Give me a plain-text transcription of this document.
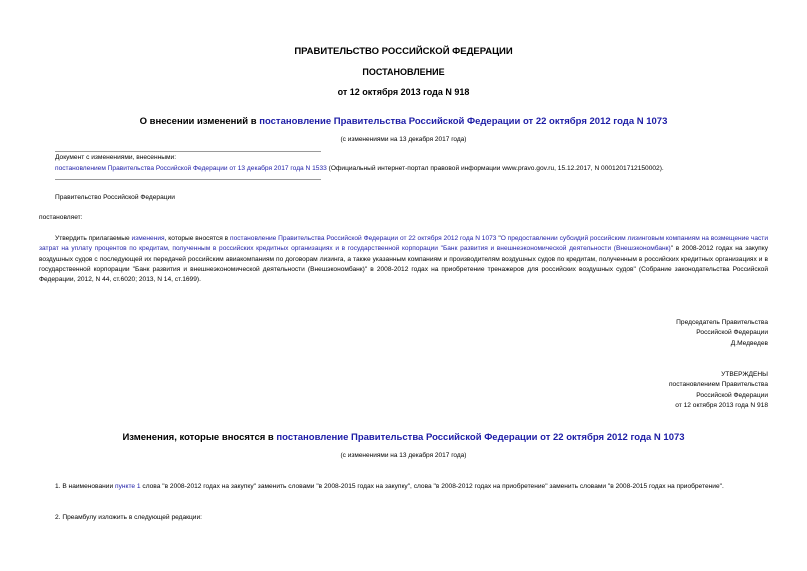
ПРАВИТЕЛЬСТВО РОССИЙСКОЙ ФЕДЕРАЦИИ
ПОСТАНОВЛЕНИЕ
от 12 октября 2013 года N 918
О внесении изменений в постановление Правительства Российской Федерации от 22 октября 2012 года N 1073
(с изменениями на 13 декабря 2017 года)
Документ с изменениями, внесенными:
постановлением Правительства Российской Федерации от 13 декабря 2017 года N 1533 (Официальный интернет-портал правовой информации www.pravo.gov.ru, 15.12.2017, N 0001201712150002).
Правительство Российской Федерации
постановляет:
Утвердить прилагаемые изменения, которые вносятся в постановление Правительства Российской Федерации от 22 октября 2012 года N 1073 "О предоставлении субсидий российским лизинговым компаниям на возмещение части затрат на уплату процентов по кредитам, полученным в российских кредитных организациях и в государственной корпорации "Банк развития и внешнеэкономической деятельности (Внешэкономбанк)" в 2008-2012 годах на закупку воздушных судов с последующей их передачей российским авиакомпаниям по договорам лизинга, а также указанным компаниям и производителям воздушных судов по кредитам, полученным в российских кредитных организациях и в государственной корпорации "Банк развития и внешнеэкономической деятельности (Внешэкономбанк)" в 2008-2012 годах на приобретение тренажеров для российских воздушных судов" (Собрание законодательства Российской Федерации, 2012, N 44, ст.6020; 2013, N 14, ст.1699).
Председатель Правительства
Российской Федерации
Д.Медведев
УТВЕРЖДЕНЫ
постановлением Правительства
Российской Федерации
от 12 октября 2013 года N 918
Изменения, которые вносятся в постановление Правительства Российской Федерации от 22 октября 2012 года N 1073
(с изменениями на 13 декабря 2017 года)
1. В наименовании пункте 1 слова "в 2008-2012 годах на закупку" заменить словами "в 2008-2015 годах на закупку", слова "в 2008-2012 годах на приобретение" заменить словами "в 2008-2015 годах на приобретение".
2. Преамбулу изложить в следующей редакции:
